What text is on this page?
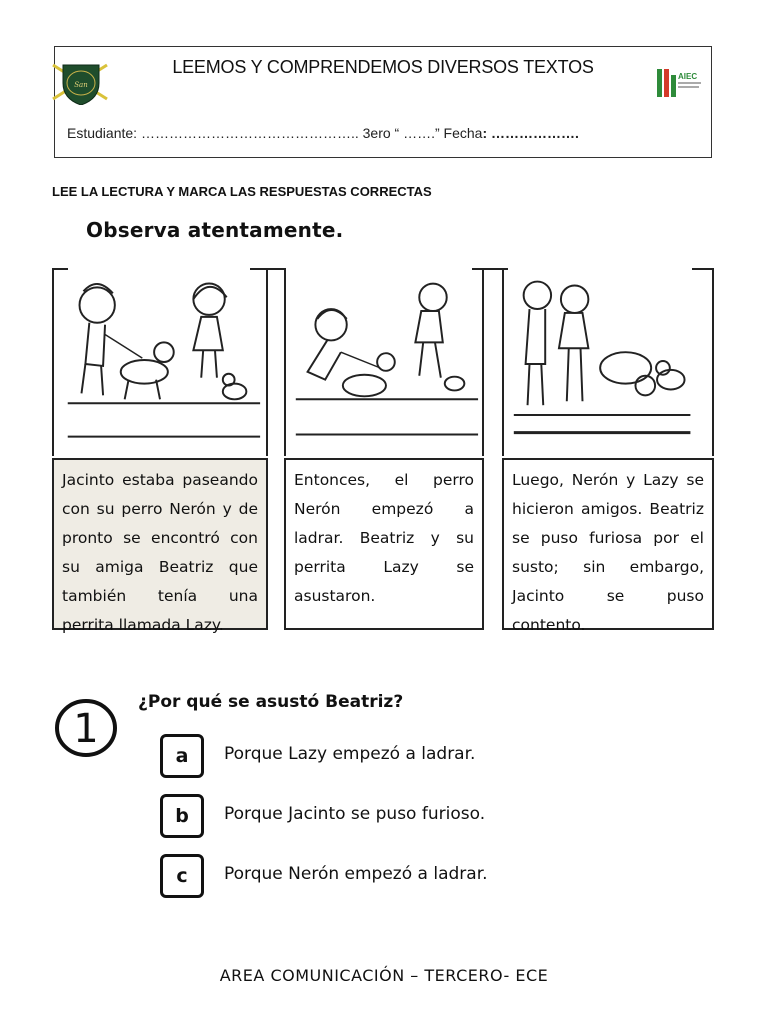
San
LEEMOS Y COMPRENDEMOS DIVERSOS TEXTOS	AIEC
Estudiante: ……………………………………….. 3ero “ …….” Fecha: ……………….
LEE LA LECTURA Y MARCA LAS RESPUESTAS CORRECTAS
Observa atentamente.
Jacinto estaba paseando con su perro Nerón y de pronto se encontró con su amiga Beatriz que también tenía una perrita llamada Lazy.
Entonces, el perro Nerón empezó a ladrar. Beatriz y su perrita Lazy se asustaron.
Luego, Nerón y Lazy se hicieron amigos. Beatriz se puso furiosa por el susto; sin embargo, Jacinto se puso contento.
1
¿Por qué se asustó Beatriz?
a	Porque Lazy empezó a ladrar.
b	Porque Jacinto se puso furioso.
c	Porque Nerón empezó a ladrar.
AREA COMUNICACIÓN – TERCERO- ECE
